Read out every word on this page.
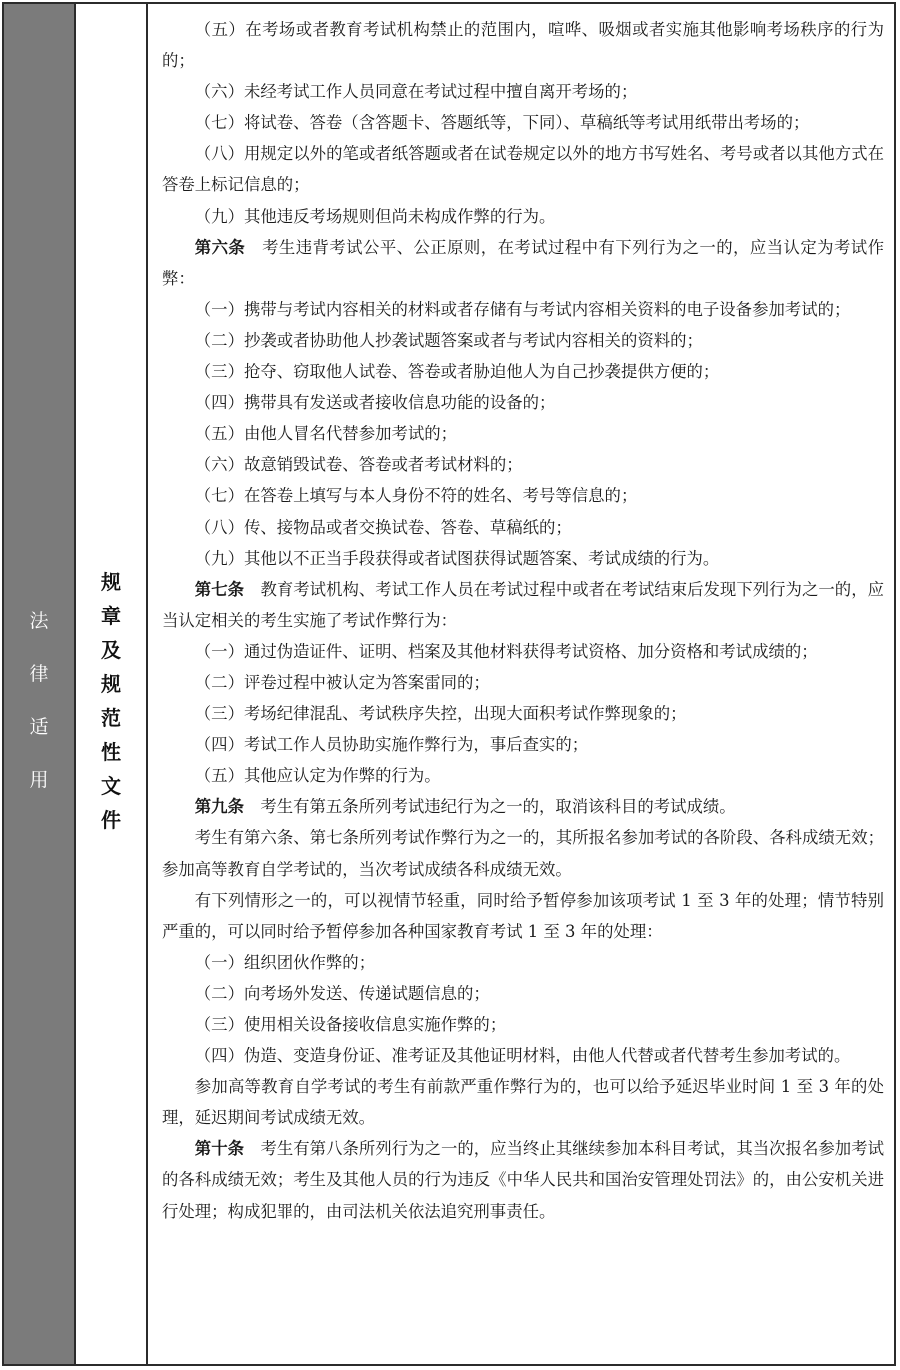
法
律
适
用
规
章
及
规
范
性
文
件

（五）在考场或者教育考试机构禁止的范围内，喧哗、吸烟或者实施其他影响考场秩序的行为的；

（六）未经考试工作人员同意在考试过程中擅自离开考场的；

（七）将试卷、答卷（含答题卡、答题纸等，下同）、草稿纸等考试用纸带出考场的；

（八）用规定以外的笔或者纸答题或者在试卷规定以外的地方书写姓名、考号或者以其他方式在答卷上标记信息的；

（九）其他违反考场规则但尚未构成作弊的行为。

第六条　考生违背考试公平、公正原则，在考试过程中有下列行为之一的，应当认定为考试作弊：

（一）携带与考试内容相关的材料或者存储有与考试内容相关资料的电子设备参加考试的；

（二）抄袭或者协助他人抄袭试题答案或者与考试内容相关的资料的；

（三）抢夺、窃取他人试卷、答卷或者胁迫他人为自己抄袭提供方便的；

（四）携带具有发送或者接收信息功能的设备的；

（五）由他人冒名代替参加考试的；

（六）故意销毁试卷、答卷或者考试材料的；

（七）在答卷上填写与本人身份不符的姓名、考号等信息的；

（八）传、接物品或者交换试卷、答卷、草稿纸的；

（九）其他以不正当手段获得或者试图获得试题答案、考试成绩的行为。

第七条　教育考试机构、考试工作人员在考试过程中或者在考试结束后发现下列行为之一的，应当认定相关的考生实施了考试作弊行为：

（一）通过伪造证件、证明、档案及其他材料获得考试资格、加分资格和考试成绩的；

（二）评卷过程中被认定为答案雷同的；

（三）考场纪律混乱、考试秩序失控，出现大面积考试作弊现象的；

（四）考试工作人员协助实施作弊行为，事后查实的；

（五）其他应认定为作弊的行为。

第九条　考生有第五条所列考试违纪行为之一的，取消该科目的考试成绩。

考生有第六条、第七条所列考试作弊行为之一的，其所报名参加考试的各阶段、各科成绩无效；参加高等教育自学考试的，当次考试成绩各科成绩无效。

有下列情形之一的，可以视情节轻重，同时给予暂停参加该项考试 1 至 3 年的处理；情节特别严重的，可以同时给予暂停参加各种国家教育考试 1 至 3 年的处理：

（一）组织团伙作弊的；

（二）向考场外发送、传递试题信息的；

（三）使用相关设备接收信息实施作弊的；

（四）伪造、变造身份证、准考证及其他证明材料，由他人代替或者代替考生参加考试的。

参加高等教育自学考试的考生有前款严重作弊行为的，也可以给予延迟毕业时间 1 至 3 年的处理，延迟期间考试成绩无效。

第十条　考生有第八条所列行为之一的，应当终止其继续参加本科目考试，其当次报名参加考试的各科成绩无效；考生及其他人员的行为违反《中华人民共和国治安管理处罚法》的，由公安机关进行处理；构成犯罪的，由司法机关依法追究刑事责任。
